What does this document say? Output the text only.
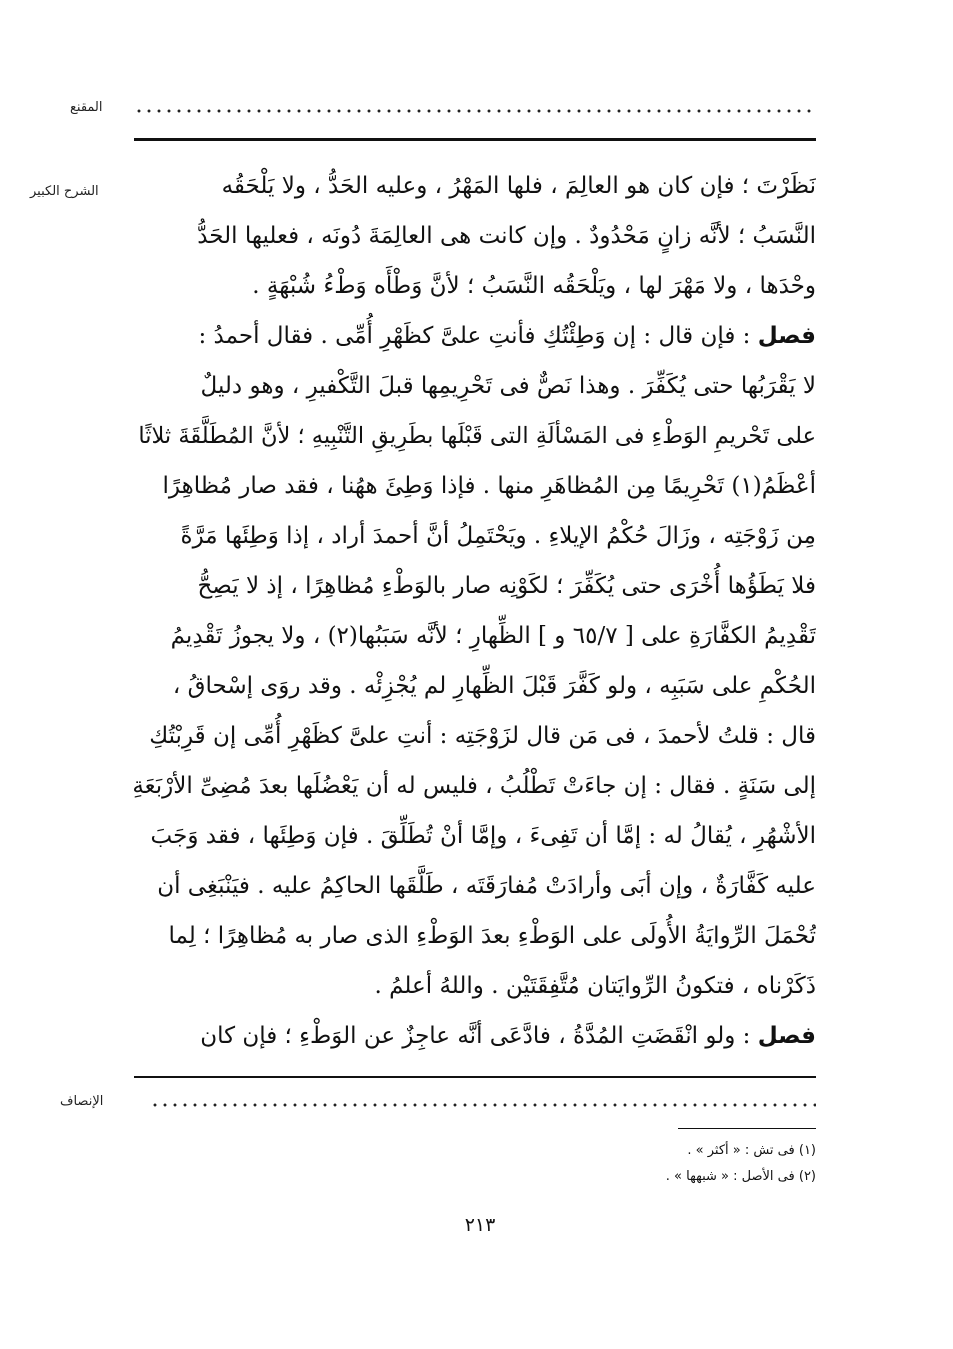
المقنع
الشرح الكبير	نَظَرْتَ ؛ فإن كان هو العالِمَ ، فلها المَهْرُ ، وعليه الحَدُّ ، ولا يَلْحَقُه
النَّسَبُ ؛ لأنَّه زانٍ مَحْدُودٌ . وإن كانت هى العالِمَةَ دُونَه ، فعليها الحَدُّ
وحْدَها ، ولا مَهْرَ لها ، ويَلْحَقُه النَّسَبُ ؛ لأنَّ وَطْأَه وَطْءُ شُبْهَةٍ .
فصل : فإن قال : إن وَطِئْتُكِ فأنتِ علىَّ كظَهْرِ أُمِّى . فقال أحمدُ :
لا يَقْرَبُها حتى يُكَفِّرَ . وهذا نَصٌّ فى تَحْرِيمِها قبلَ التَّكْفيرِ ، وهو دليلٌ
على تَحْريمِ الوَطْءِ فى المَسْألَةِ التى قَبْلَها بطَرِيقِ التَّنْبِيهِ ؛ لأنَّ المُطَلَّقَةَ ثلاثًا
أعْظَمُ(١) تَحْرِيمًا مِن المُظاهَرِ منها . فإذا وَطِئَ ههُنا ، فقد صار مُظاهِرًا
مِن زَوْجَتِه ، وزَالَ حُكْمُ الإيلاءِ . ويَحْتَمِلُ أنَّ أحمدَ أراد ، إذا وَطِئَها مَرَّةً
فلا يَطَؤُها أُخْرَى حتى يُكَفِّرَ ؛ لكَوْنِه صار بالوَطْءِ مُظاهِرًا ، إذ لا يَصِحُّ
تَقْدِيمُ الكفَّارَةِ على [ ٦٥/٧ و ] الظِّهارِ ؛ لأنَّه سَبَبُها(٢) ، ولا يجوزُ تَقْدِيمُ
الحُكْمِ على سَبَبِه ، ولو كَفَّرَ قَبْلَ الظِّهارِ لم يُجْزِئْه . وقد روَى إسْحاقُ ،
قال : قلتُ لأحمدَ ، فى مَن قال لزَوْجَتِه : أنتِ علىَّ كظَهْرِ أُمِّى إن قَرِبْتُكِ
إلى سَنَةٍ . فقال : إن جاءَتْ تَطْلُبُ ، فليس له أن يَعْضُلَها بعدَ مُضِىِّ الأرْبَعَةِ
الأشْهُرِ ، يُقالُ له : إمَّا أن تَفِىءَ ، وإمَّا أنْ تُطَلِّقَ . فإن وَطِئَها ، فقد وَجَبَ
عليه كَفَّارَةٌ ، وإن أبَى وأرادَتْ مُفارَقَتَه ، طَلَّقَها الحاكِمُ عليه . فيَنْبَغِى أن
تُحْمَلَ الرِّوايَةُ الأُولَى على الوَطْءِ بعدَ الوَطْءِ الذى صار به مُظاهِرًا ؛ لِما
ذَكَرْناه ، فتكونُ الرِّوايَتان مُتَّفِقَتَيْن . واللهُ أعلمُ .
فصل : ولو انْقَضَتِ المُدَّةُ ، فادَّعَى أنَّه عاجِزٌ عن الوَطْءِ ؛ فإن كان
الإنصاف
(١) فى تش : « أكثر » .
(٢) فى الأصل : « شبهها » .
٢١٣
